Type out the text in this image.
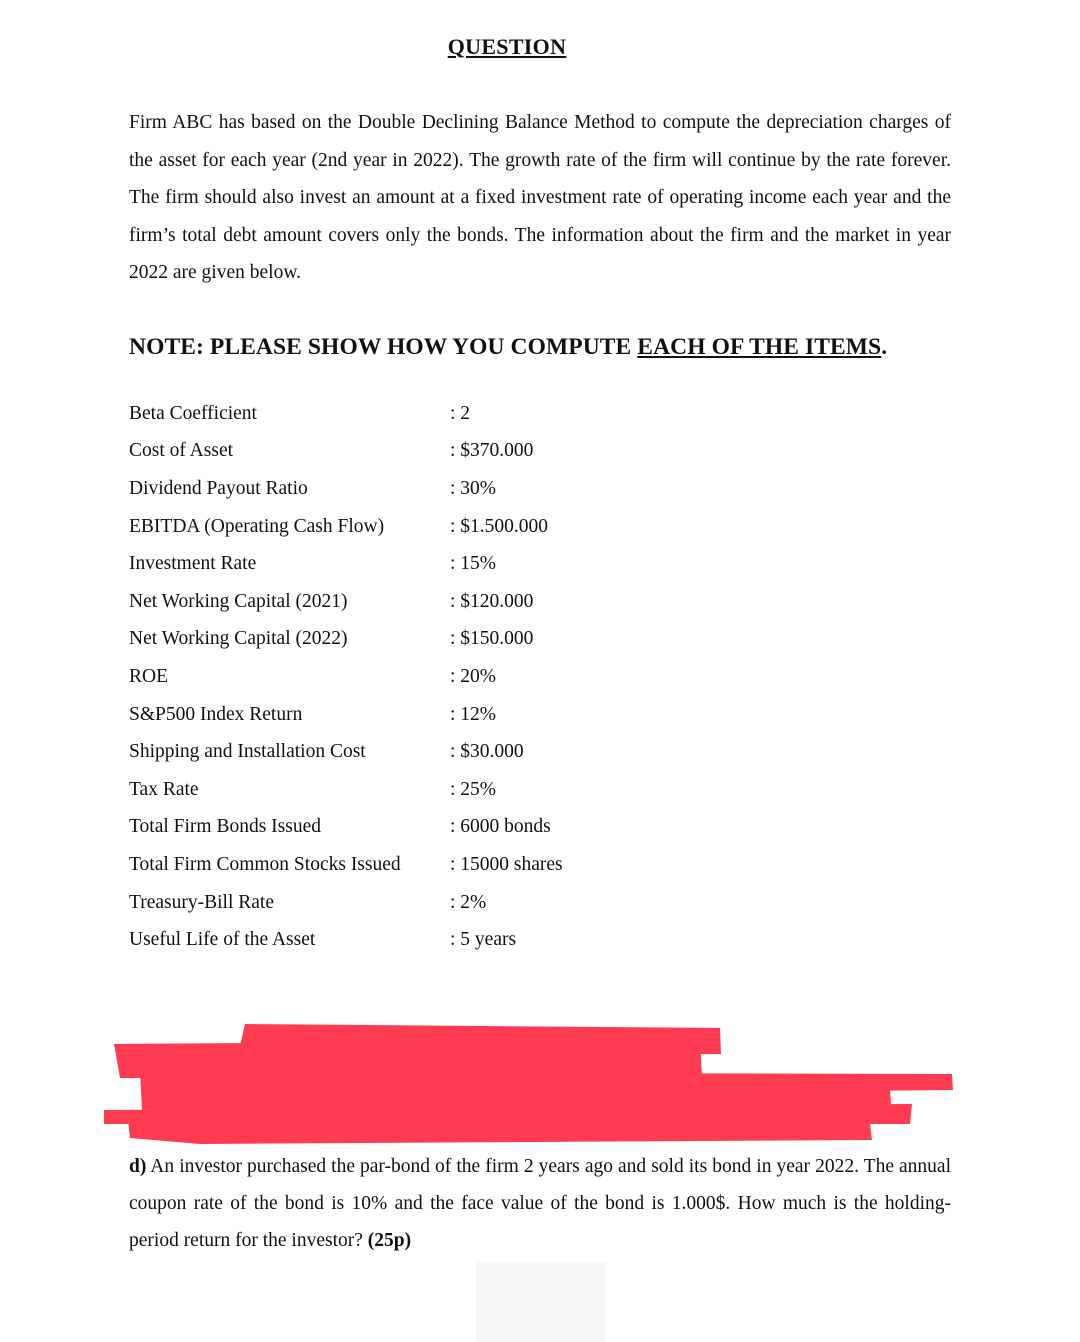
QUESTION
Firm ABC has based on the Double Declining Balance Method to compute the depreciation charges of the asset for each year (2nd year in 2022). The growth rate of the firm will continue by the rate forever. The firm should also invest an amount at a fixed investment rate of operating income each year and the firm’s total debt amount covers only the bonds. The information about the firm and the market in year 2022 are given below.
NOTE: PLEASE SHOW HOW YOU COMPUTE EACH OF THE ITEMS.
Beta Coefficient	: 2
Cost of Asset	: $370.000
Dividend Payout Ratio	: 30%
EBITDA (Operating Cash Flow)	: $1.500.000
Investment Rate	: 15%
Net Working Capital (2021)	: $120.000
Net Working Capital (2022)	: $150.000
ROE	: 20%
S&P500 Index Return	: 12%
Shipping and Installation Cost	: $30.000
Tax Rate	: 25%
Total Firm Bonds Issued	: 6000 bonds
Total Firm Common Stocks Issued	: 15000 shares
Treasury-Bill Rate	: 2%
Useful Life of the Asset	: 5 years
d) An investor purchased the par-bond of the firm 2 years ago and sold its bond in year 2022. The annual coupon rate of the bond is 10% and the face value of the bond is 1.000$. How much is the holding-period return for the investor? (25p)
